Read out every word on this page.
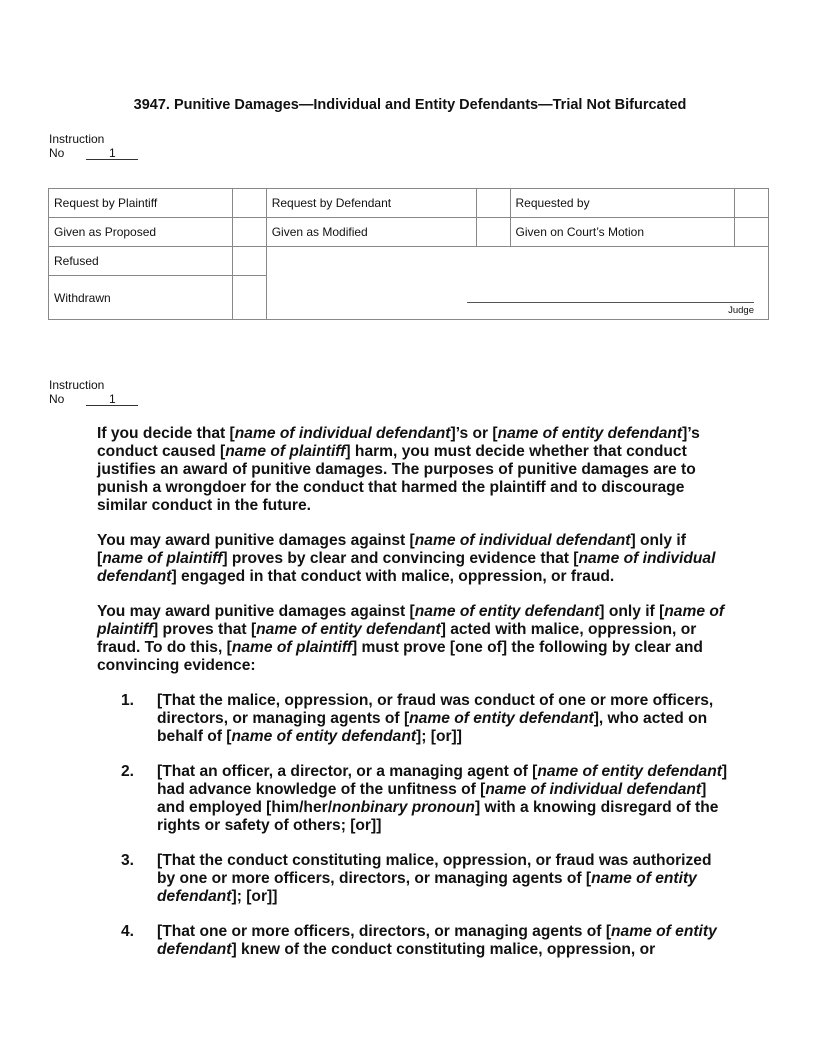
3947. Punitive Damages—Individual and Entity Defendants—Trial Not Bifurcated
Instruction
No	1
Request by Plaintiff		Request by Defendant		Requested by	
Given as Proposed		Given as Modified		Given on Court’s Motion	
Refused		Judge			

Withdrawn					
Instruction
No	1

If you decide that [name of individual defendant]’s or [name of entity defendant]’s conduct caused [name of plaintiff] harm, you must decide whether that conduct justifies an award of punitive damages. The purposes of punitive damages are to punish a wrongdoer for the conduct that harmed the plaintiff and to discourage similar conduct in the future.

You may award punitive damages against [name of individual defendant] only if [name of plaintiff] proves by clear and convincing evidence that [name of individual defendant] engaged in that conduct with malice, oppression, or fraud.

You may award punitive damages against [name of entity defendant] only if [name of plaintiff] proves that [name of entity defendant] acted with malice, oppression, or fraud. To do this, [name of plaintiff] must prove [one of] the following by clear and convincing evidence:

1.	[That the malice, oppression, or fraud was conduct of one or more officers, directors, or managing agents of [name of entity defendant], who acted on behalf of [name of entity defendant]; [or]]
2.	[That an officer, a director, or a managing agent of [name of entity defendant] had advance knowledge of the unfitness of [name of individual defendant] and employed [him/her/nonbinary pronoun] with a knowing disregard of the rights or safety of others; [or]]
3.	[That the conduct constituting malice, oppression, or fraud was authorized by one or more officers, directors, or managing agents of [name of entity defendant]; [or]]
4.	[That one or more officers, directors, or managing agents of [name of entity defendant] knew of the conduct constituting malice, oppression, or
